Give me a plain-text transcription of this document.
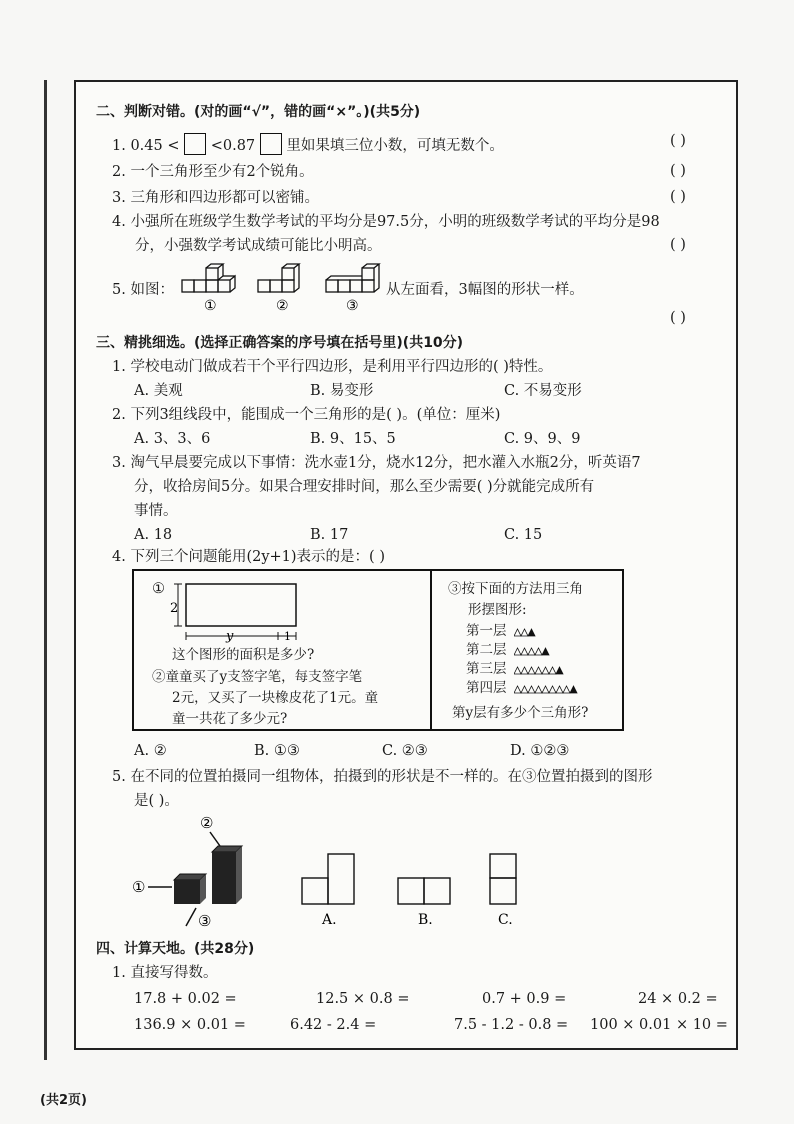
二、判断对错。(对的画“√”，错的画“×”。)(共5分)
1. 0.45 < <0.87 里如果填三位小数，可填无数个。	( )
2. 一个三角形至少有2个锐角。	( )
3. 三角形和四边形都可以密铺。	( )
4. 小强所在班级学生数学考试的平均分是97.5分，小明的班级数学考试的平均分是98
分，小强数学考试成绩可能比小明高。	( )
5. 如图：
①	②	③
从左面看，3幅图的形状一样。
( )
三、精挑细选。(选择正确答案的序号填在括号里)(共10分)
1. 学校电动门做成若干个平行四边形，是利用平行四边形的( )特性。
A. 美观	B. 易变形	C. 不易变形
2. 下列3组线段中，能围成一个三角形的是( )。(单位：厘米)
A. 3、3、6	B. 9、15、5	C. 9、9、9
3. 淘气早晨要完成以下事情：洗水壶1分，烧水12分，把水灌入水瓶2分，听英语7
分，收拾房间5分。如果合理安排时间，那么至少需要( )分就能完成所有
事情。
A. 18	B. 17	C. 15
4. 下列三个问题能用(2y+1)表示的是：( )
①
2
y	1
这个图形的面积是多少?
②童童买了y支签字笔，每支签字笔
2元，又买了一块橡皮花了1元。童
童一共花了多少元?
③按下面的方法用三角
形摆图形:
第一层
第二层
第三层
第四层
第y层有多少个三角形?
A. ②	B. ①③	C. ②③	D. ①②③
5. 在不同的位置拍摄同一组物体，拍摄到的形状是不一样的。在③位置拍摄到的图形
是( )。
②
①
③	A.	B.	C.
四、计算天地。(共28分)
1. 直接写得数。
17.8 + 0.02 =	12.5 × 0.8 =	0.7 + 0.9 =	24 × 0.2 =
136.9 × 0.01 =	6.42 - 2.4 =	7.5 - 1.2 - 0.8 = 100 × 0.01 × 10 =
(共2页)
